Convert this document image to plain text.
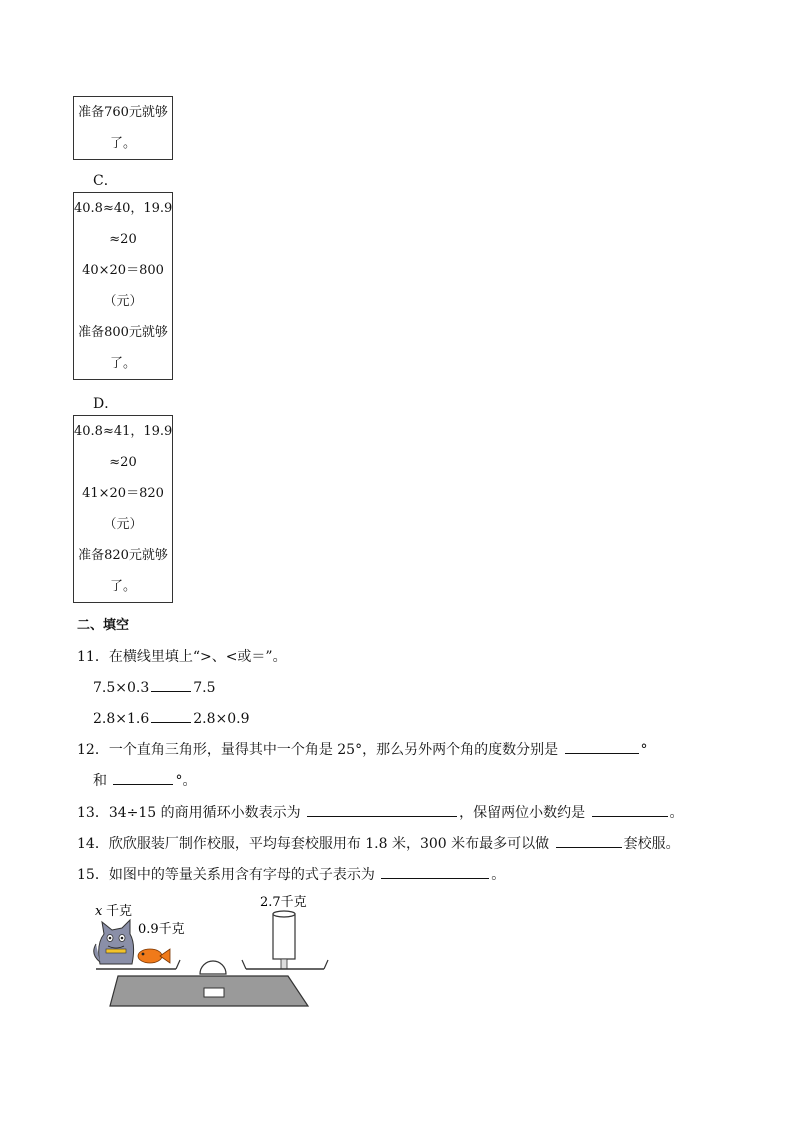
准备760元就够
了。
C．
40.8≈40，19.9
≈20
40×20＝800
（元）
准备800元就够
了。
D．
40.8≈41，19.9
≈20
41×20＝820
（元）
准备820元就够
了。
二、填空
11．在横线里填上“>、<或＝”。
7.5×0.3	7.5
2.8×1.6	2.8×0.9
12．一个直角三角形，量得其中一个角是 25°，那么另外两个角的度数分别是	°
和	°。
13．34÷15 的商用循环小数表示为	，保留两位小数约是	。
14．欣欣服装厂制作校服，平均每套校服用布 1.8 米，300 米布最多可以做	套校服。
15．如图中的等量关系用含有字母的式子表示为	。
x 千克
0.9千克
2.7千克
